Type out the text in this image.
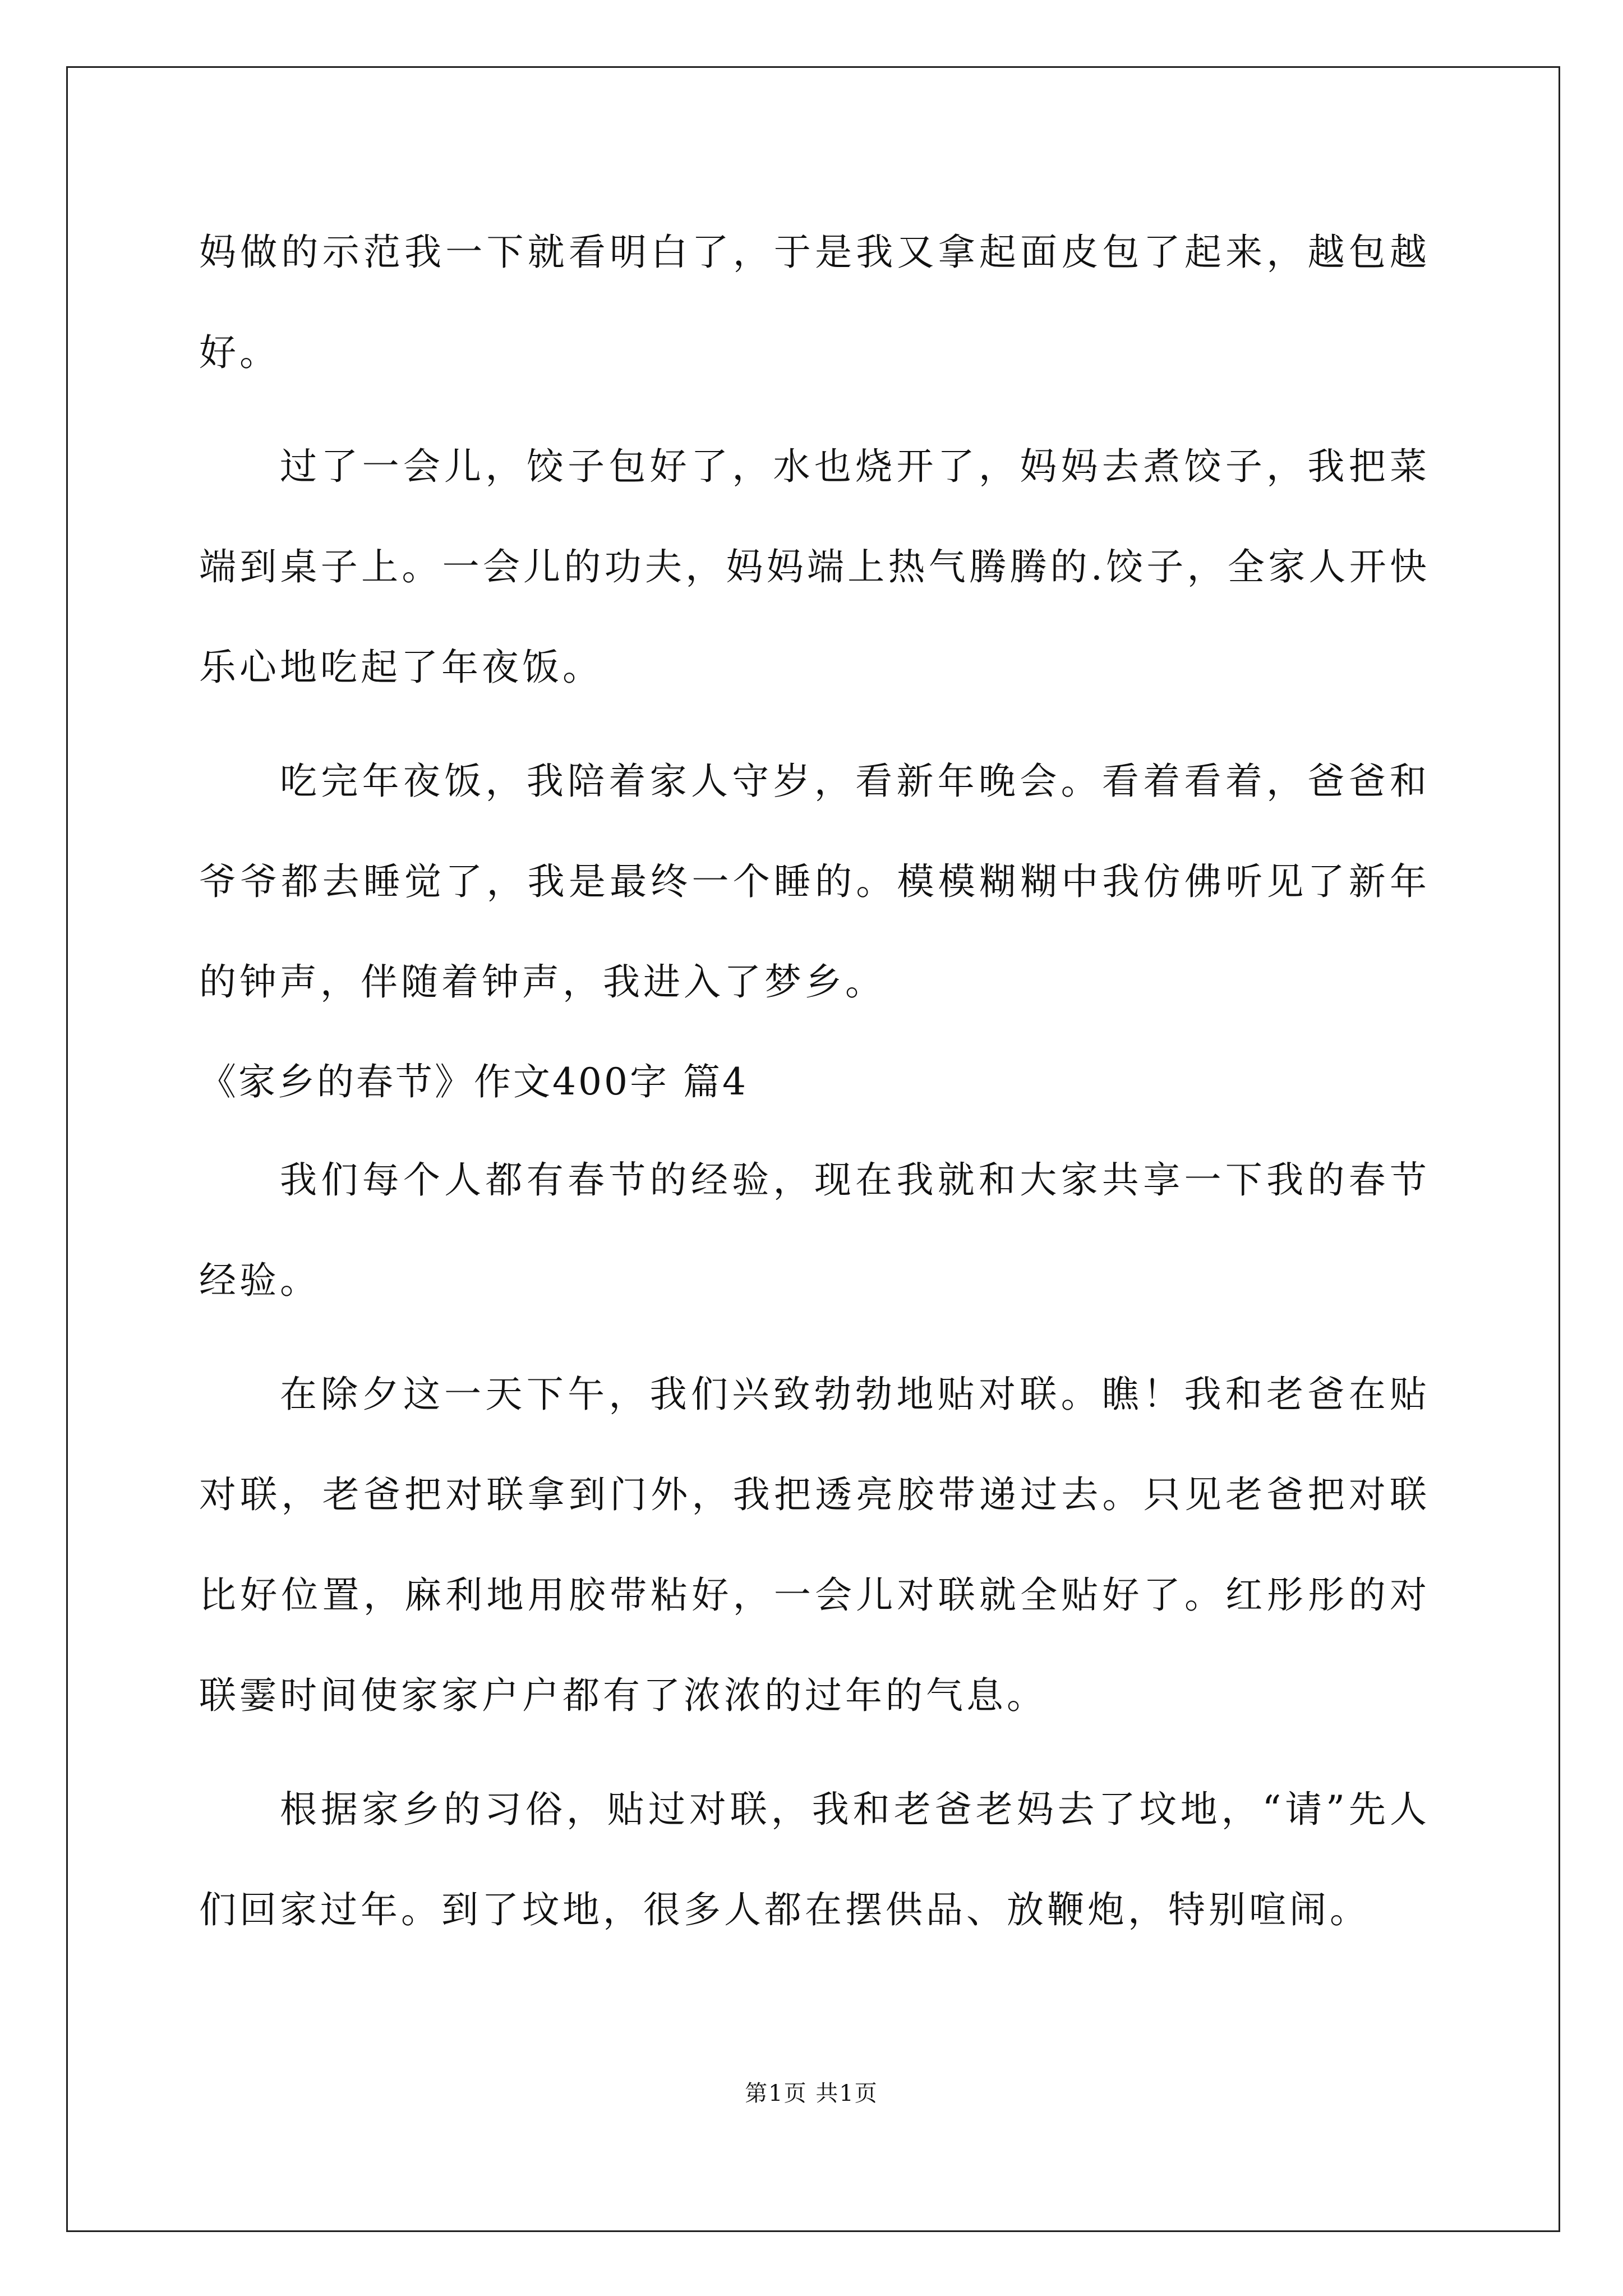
妈做的示范我一下就看明白了，于是我又拿起面皮包了起来，越包越好。

过了一会儿，饺子包好了，水也烧开了，妈妈去煮饺子，我把菜端到桌子上。一会儿的功夫，妈妈端上热气腾腾的.饺子，全家人开快乐心地吃起了年夜饭。

吃完年夜饭，我陪着家人守岁，看新年晚会。看着看着，爸爸和爷爷都去睡觉了，我是最终一个睡的。模模糊糊中我仿佛听见了新年的钟声，伴随着钟声，我进入了梦乡。

《家乡的春节》作文400字 篇4

我们每个人都有春节的经验，现在我就和大家共享一下我的春节经验。

在除夕这一天下午，我们兴致勃勃地贴对联。瞧！我和老爸在贴对联，老爸把对联拿到门外，我把透亮胶带递过去。只见老爸把对联比好位置，麻利地用胶带粘好，一会儿对联就全贴好了。红彤彤的对联霎时间使家家户户都有了浓浓的过年的气息。

根据家乡的习俗，贴过对联，我和老爸老妈去了坟地，“请”先人们回家过年。到了坟地，很多人都在摆供品、放鞭炮，特别喧闹。

第1页 共1页
